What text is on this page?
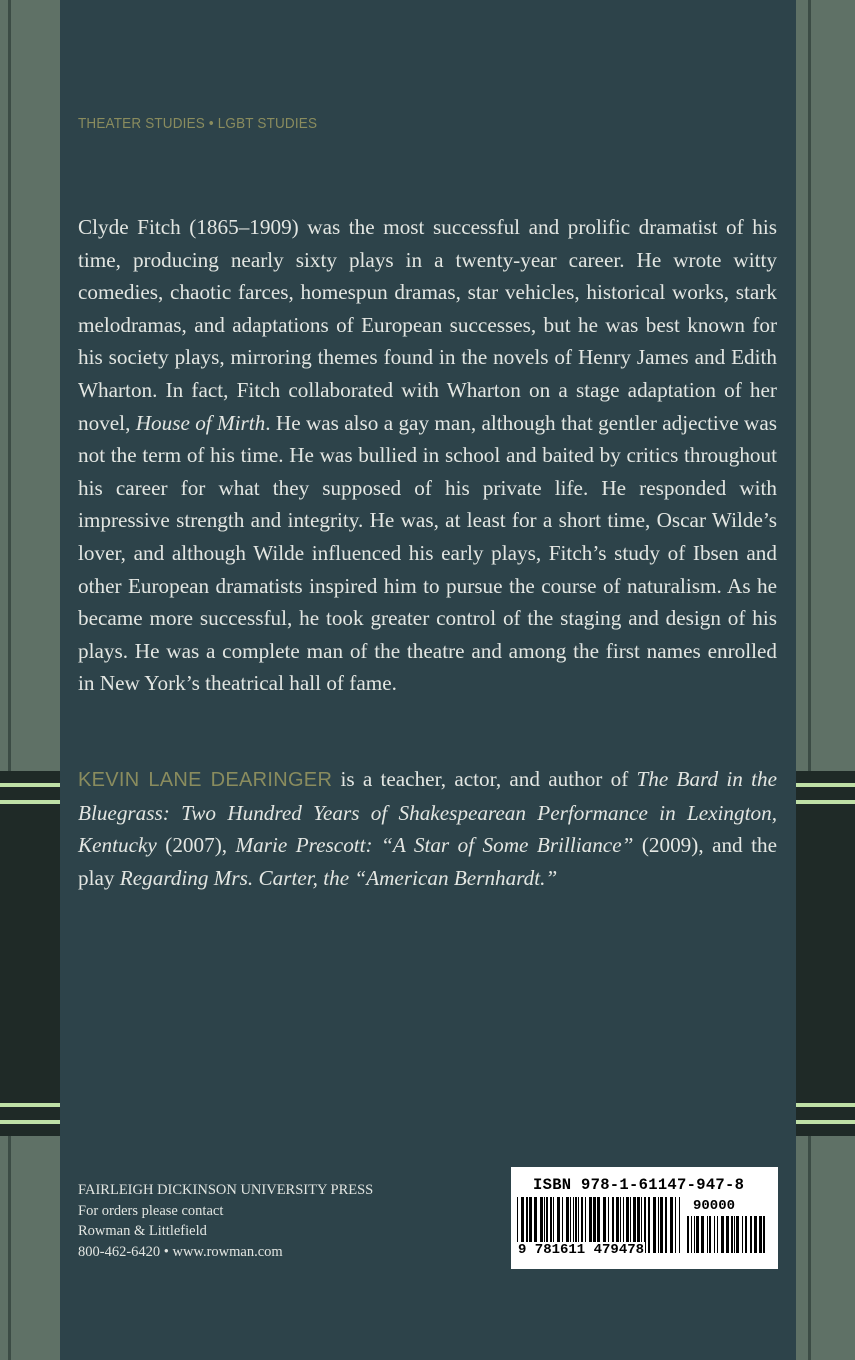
THEATER STUDIES • LGBT STUDIES

Clyde Fitch (1865–1909) was the most successful and prolific dramatist of his time, producing nearly sixty plays in a twenty-year career. He wrote witty comedies, chaotic farces, homespun dramas, star vehicles, historical works, stark melodramas, and adaptations of European successes, but he was best known for his society plays, mirroring themes found in the novels of Henry James and Edith Wharton. In fact, Fitch collaborated with Wharton on a stage adaptation of her novel, House of Mirth. He was also a gay man, although that gentler adjective was not the term of his time. He was bullied in school and baited by critics throughout his career for what they supposed of his private life. He responded with impressive strength and integrity. He was, at least for a short time, Oscar Wilde’s lover, and although Wilde influenced his early plays, Fitch’s study of Ibsen and other European dramatists inspired him to pursue the course of naturalism. As he became more successful, he took greater control of the staging and design of his plays. He was a complete man of the theatre and among the first names enrolled in New York’s theatrical hall of fame.

KEVIN LANE DEARINGER is a teacher, actor, and author of The Bard in the Bluegrass: Two Hundred Years of Shakespearean Performance in Lexington, Kentucky (2007), Marie Prescott: “A Star of Some Brilliance” (2009), and the play Regarding Mrs. Carter, the “American Bernhardt.”

FAIRLEIGH DICKINSON UNIVERSITY PRESS
For orders please contact
Rowman & Littlefield
800-462-6420 • www.rowman.com
ISBN 978-1-61147-947-8
90000
9 781611 479478
